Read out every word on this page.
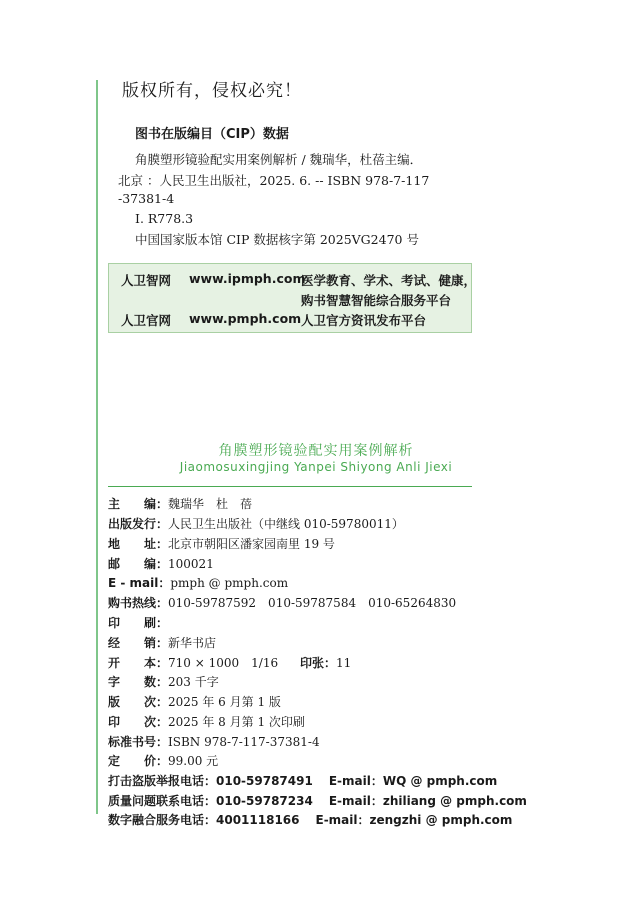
版权所有，侵权必究！
图书在版编目（CIP）数据
角膜塑形镜验配实用案例解析 / 魏瑞华，杜蓓主编．
北京 ：人民卫生出版社，2025. 6. -- ISBN 978-7-117
-37381-4
Ⅰ. R778.3
中国国家版本馆 CIP 数据核字第 2025VG2470 号
人卫智网 www.ipmph.com
医学教育、学术、考试、健康，
购书智慧智能综合服务平台
人卫官网 www.pmph.com 人卫官方资讯发布平台
角膜塑形镜验配实用案例解析
Jiaomosuxingjing Yanpei Shiyong Anli Jiexi
主　　编：魏瑞华　杜　蓓
出版发行：人民卫生出版社（中继线 010-59780011）
地　　址：北京市朝阳区潘家园南里 19 号
邮　　编：100021
E - mail：pmph @ pmph.com
购书热线：010-59787592　010-59787584　010-65264830
印　　刷：
经　　销：新华书店
开　　本：710 × 1000　1/16 印张：11
字　　数：203 千字
版　　次：2025 年 6 月第 1 版
印　　次：2025 年 8 月第 1 次印刷
标准书号：ISBN 978-7-117-37381-4
定　　价：99.00 元
打击盗版举报电话：010-59787491 E-mail：WQ @ pmph.com
质量问题联系电话：010-59787234 E-mail：zhiliang @ pmph.com
数字融合服务电话：4001118166 E-mail：zengzhi @ pmph.com
